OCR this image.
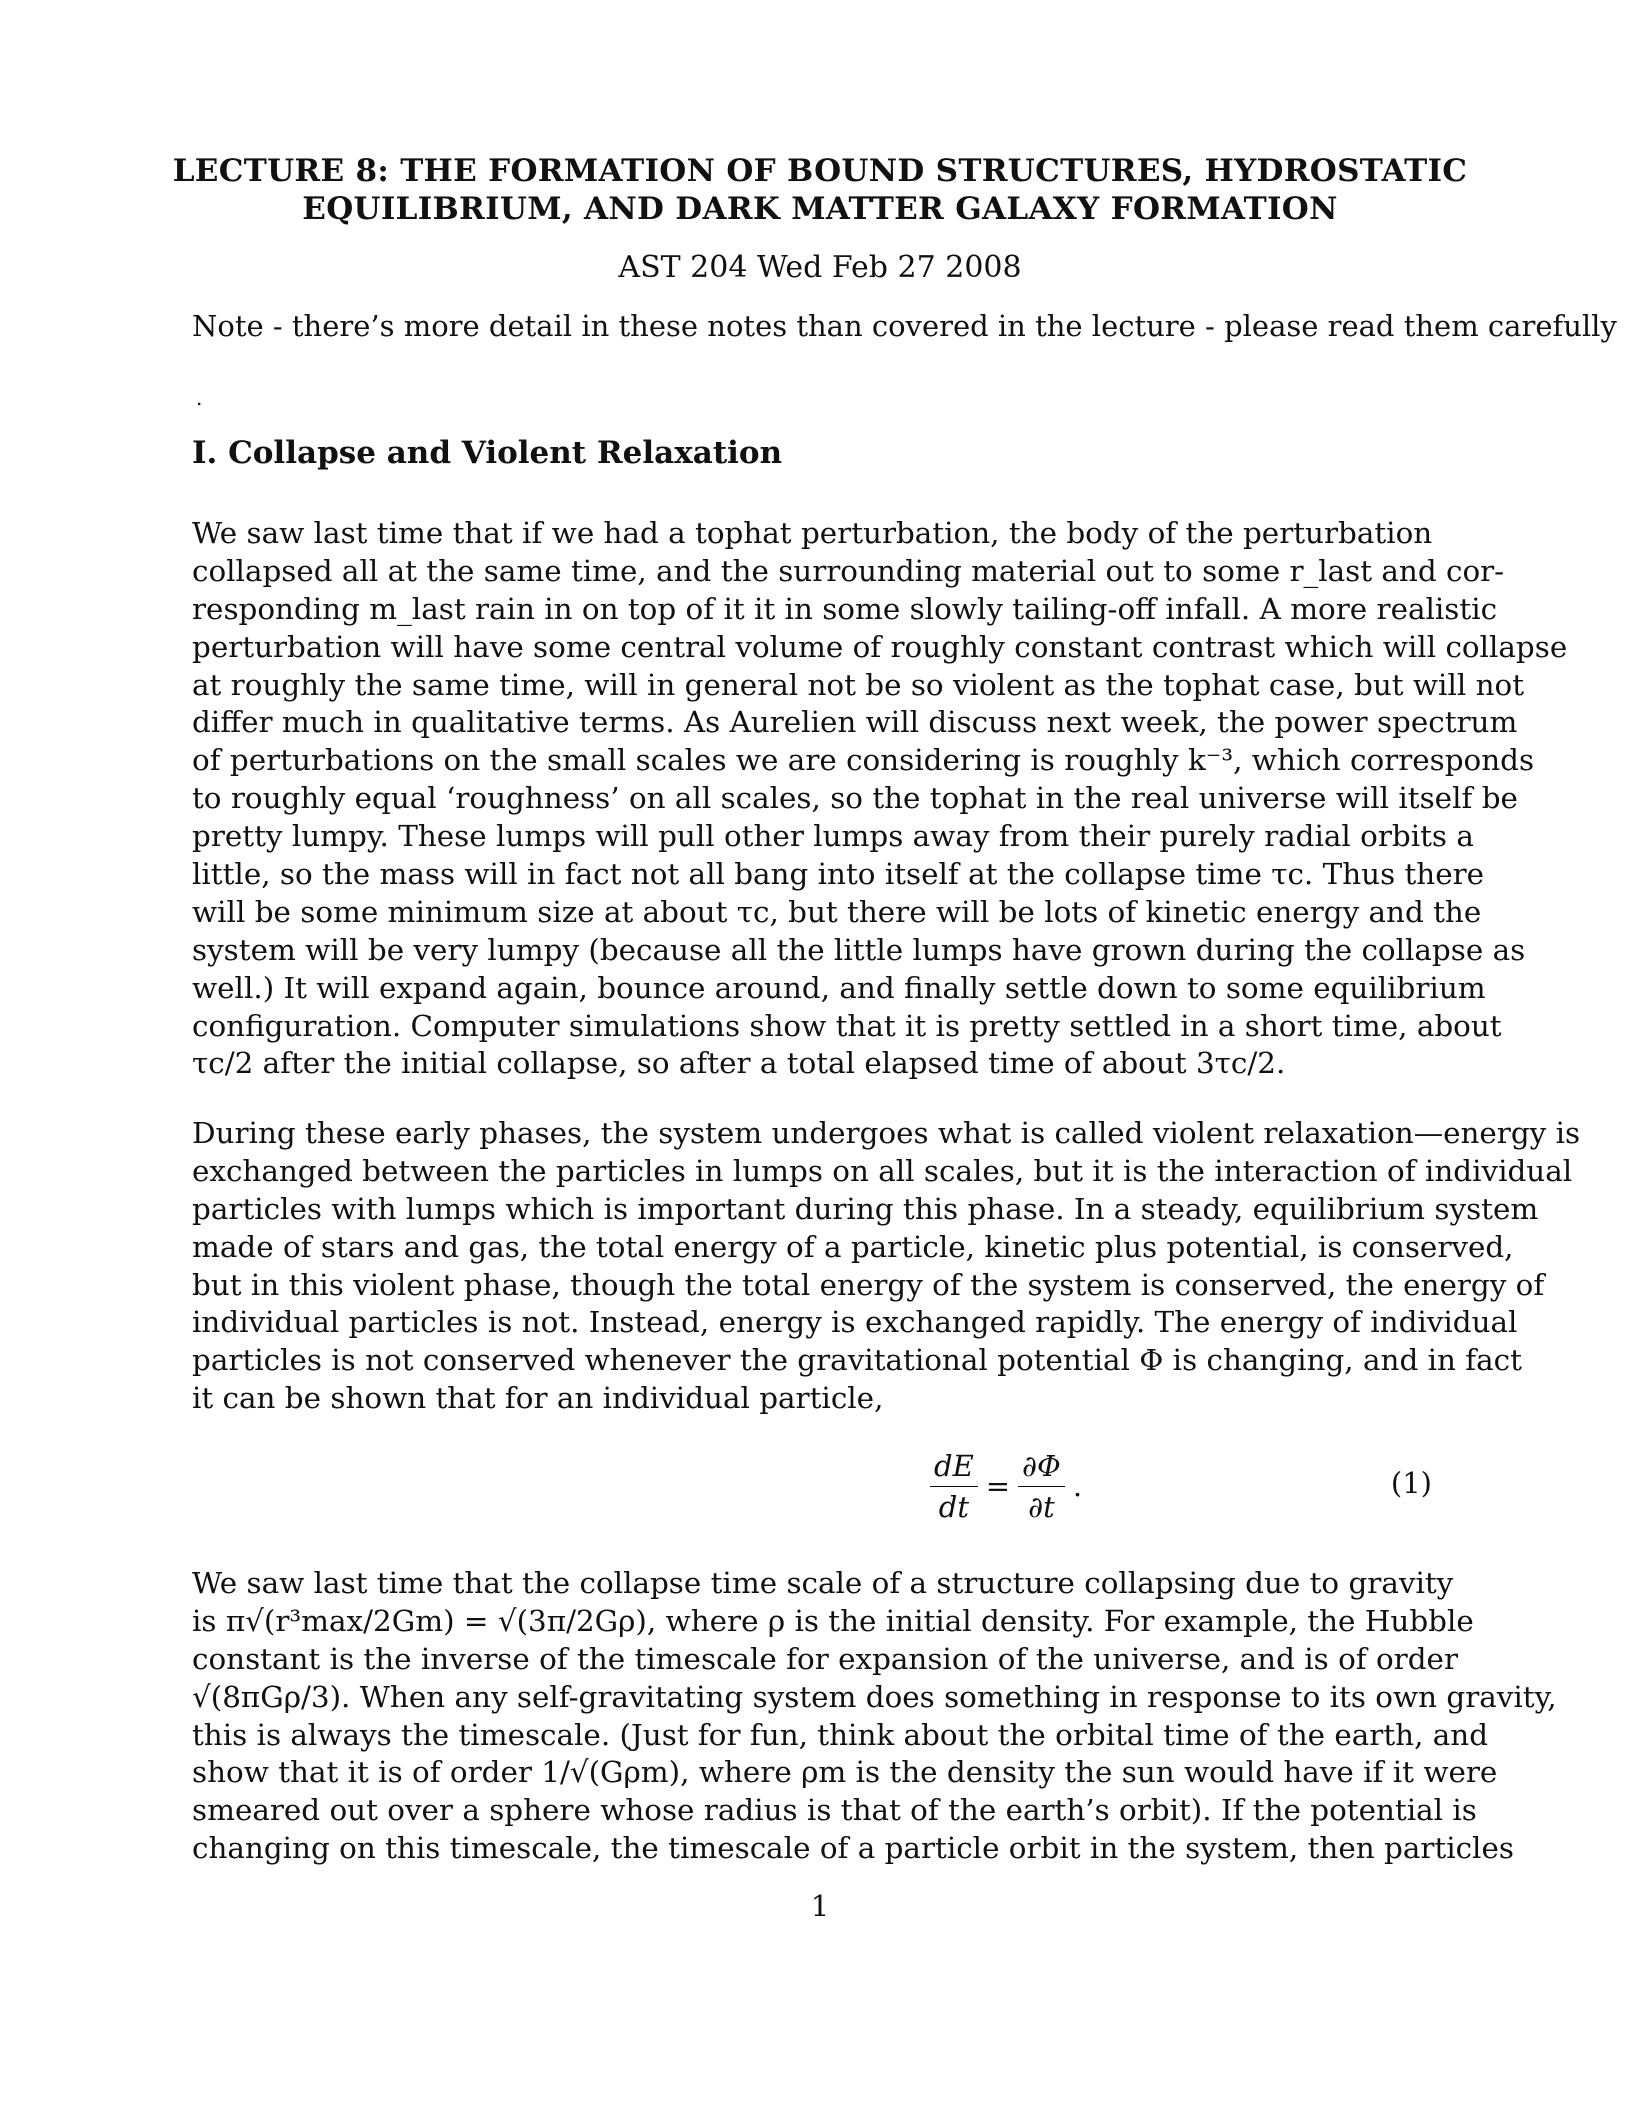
LECTURE 8: THE FORMATION OF BOUND STRUCTURES, HYDROSTATIC
EQUILIBRIUM, AND DARK MATTER GALAXY FORMATION
AST 204 Wed Feb 27 2008
Note - there’s more detail in these notes than covered in the lecture - please read them carefully
.
I. Collapse and Violent Relaxation
We saw last time that if we had a tophat perturbation, the body of the perturbation
collapsed all at the same time, and the surrounding material out to some r_last and cor-
responding m_last rain in on top of it it in some slowly tailing-off infall. A more realistic
perturbation will have some central volume of roughly constant contrast which will collapse
at roughly the same time, will in general not be so violent as the tophat case, but will not
differ much in qualitative terms. As Aurelien will discuss next week, the power spectrum
of perturbations on the small scales we are considering is roughly k⁻³, which corresponds
to roughly equal ‘roughness’ on all scales, so the tophat in the real universe will itself be
pretty lumpy. These lumps will pull other lumps away from their purely radial orbits a
little, so the mass will in fact not all bang into itself at the collapse time τc. Thus there
will be some minimum size at about τc, but there will be lots of kinetic energy and the
system will be very lumpy (because all the little lumps have grown during the collapse as
well.) It will expand again, bounce around, and finally settle down to some equilibrium
configuration. Computer simulations show that it is pretty settled in a short time, about
τc/2 after the initial collapse, so after a total elapsed time of about 3τc/2.
During these early phases, the system undergoes what is called violent relaxation—energy is
exchanged between the particles in lumps on all scales, but it is the interaction of individual
particles with lumps which is important during this phase. In a steady, equilibrium system
made of stars and gas, the total energy of a particle, kinetic plus potential, is conserved,
but in this violent phase, though the total energy of the system is conserved, the energy of
individual particles is not. Instead, energy is exchanged rapidly. The energy of individual
particles is not conserved whenever the gravitational potential Φ is changing, and in fact
it can be shown that for an individual particle,
$\frac{dE}{dt} = \frac{\partial\Phi}{\partial t}$ .	(1)
We saw last time that the collapse time scale of a structure collapsing due to gravity
is π√(r³max/2Gm) = √(3π/2Gρ), where ρ is the initial density. For example, the Hubble
constant is the inverse of the timescale for expansion of the universe, and is of order
√(8πGρ/3). When any self-gravitating system does something in response to its own gravity,
this is always the timescale. (Just for fun, think about the orbital time of the earth, and
show that it is of order 1/√(Gρm), where ρm is the density the sun would have if it were
smeared out over a sphere whose radius is that of the earth’s orbit). If the potential is
changing on this timescale, the timescale of a particle orbit in the system, then particles
1
